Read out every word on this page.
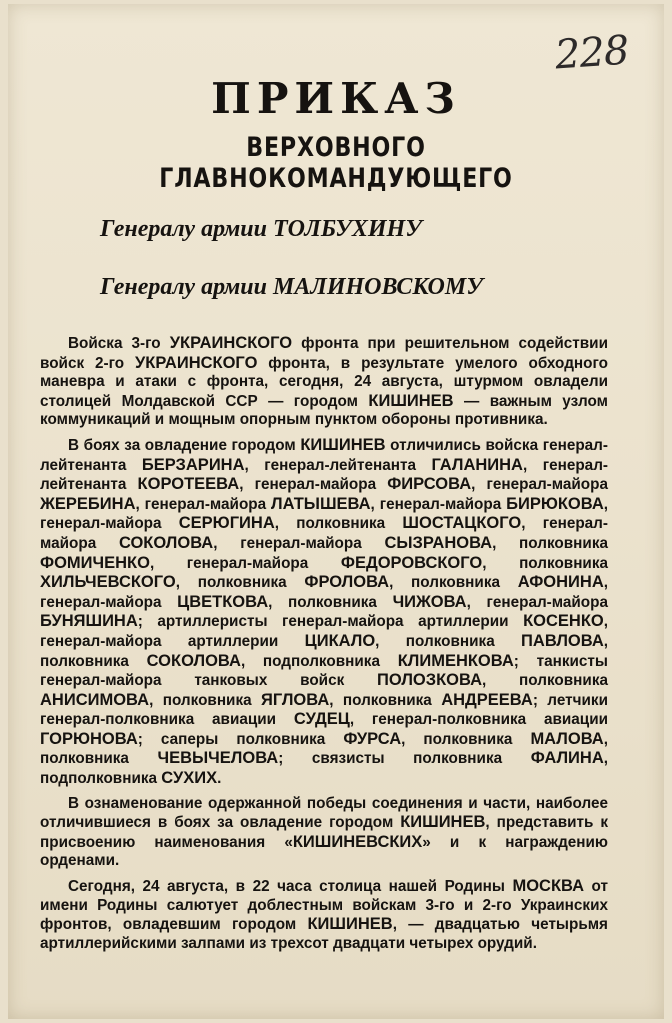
228
ПРИКАЗ
ВЕРХОВНОГО ГЛАВНОКОМАНДУЮЩЕГО
Генералу армии ТОЛБУХИНУ
Генералу армии МАЛИНОВСКОМУ

Войска 3-го УКРАИНСКОГО фронта при решительном содействии войск 2-го УКРАИНСКОГО фронта, в результате умелого обходного маневра и атаки с фронта, сегодня, 24 августа, штурмом овладели столицей Молдавской ССР — городом КИШИНЕВ — важным узлом коммуникаций и мощным опорным пунктом обороны противника.

В боях за овладение городом КИШИНЕВ отличились войска генерал-лейтенанта БЕРЗАРИНА, генерал-лейтенанта ГАЛАНИНА, генерал-лейтенанта КОРОТЕЕВА, генерал-майора ФИРСОВА, генерал-майора ЖЕРЕБИНА, генерал-майора ЛАТЫШЕВА, генерал-майора БИРЮКОВА, генерал-майора СЕРЮГИНА, полковника ШОСТАЦКОГО, генерал-майора СОКОЛОВА, генерал-майора СЫЗРАНОВА, полковника ФОМИЧЕНКО, генерал-майора ФЕДОРОВСКОГО, полковника ХИЛЬЧЕВСКОГО, полковника ФРОЛОВА, полковника АФОНИНА, генерал-майора ЦВЕТКОВА, полковника ЧИЖОВА, генерал-майора БУНЯШИНА; артиллеристы генерал-майора артиллерии КОСЕНКО, генерал-майора артиллерии ЦИКАЛО, полковника ПАВЛОВА, полковника СОКОЛОВА, подполковника КЛИМЕНКОВА; танкисты генерал-майора танковых войск ПОЛОЗКОВА, полковника АНИСИМОВА, полковника ЯГЛОВА, полковника АНДРЕЕВА; летчики генерал-полковника авиации СУДЕЦ, генерал-полковника авиации ГОРЮНОВА; саперы полковника ФУРСА, полковника МАЛОВА, полковника ЧЕВЫЧЕЛОВА; связисты полковника ФАЛИНА, подполковника СУХИХ.

В ознаменование одержанной победы соединения и части, наиболее отличившиеся в боях за овладение городом КИШИНЕВ, представить к присвоению наименования «КИШИНЕВСКИХ» и к награждению орденами.

Сегодня, 24 августа, в 22 часа столица нашей Родины МОСКВА от имени Родины салютует доблестным войскам 3-го и 2-го Украинских фронтов, овладевшим городом КИШИНЕВ, — двадцатью четырьмя артиллерийскими залпами из трехсот двадцати четырех орудий.
